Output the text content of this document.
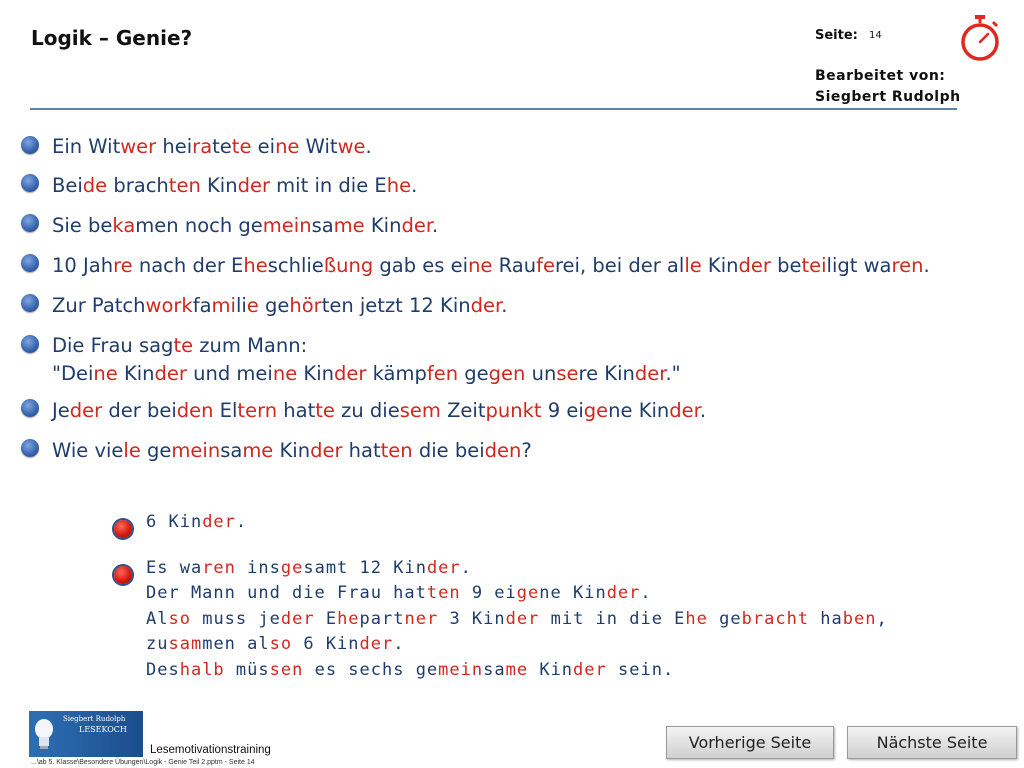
Logik – Genie?	Seite: 14
Bearbeitet von:
Siegbert Rudolph
Ein Witwer heiratete eine Witwe.
Beide brachten Kinder mit in die Ehe.
Sie bekamen noch gemeinsame Kinder.
10 Jahre nach der Eheschließung gab es eine Rauferei, bei der alle Kinder beteiligt waren.
Zur Patchworkfamilie gehörten jetzt 12 Kinder.
Die Frau sagte zum Mann:
"Deine Kinder und meine Kinder kämpfen gegen unsere Kinder."
Jeder der beiden Eltern hatte zu diesem Zeitpunkt 9 eigene Kinder.
Wie viele gemeinsame Kinder hatten die beiden?
6 Kinder.
Es waren insgesamt 12 Kinder.
Der Mann und die Frau hatten 9 eigene Kinder.
Also muss jeder Ehepartner 3 Kinder mit in die Ehe gebracht haben,
zusammen also 6 Kinder.
Deshalb müssen es sechs gemeinsame Kinder sein.
Siegbert Rudolph
LESEKOCH
Lesemotivationstraining
...\ab 5. Klasse\Besondere Übungen\Logik - Genie Teil 2.pptm - Seite 14
Vorherige Seite	Nächste Seite
